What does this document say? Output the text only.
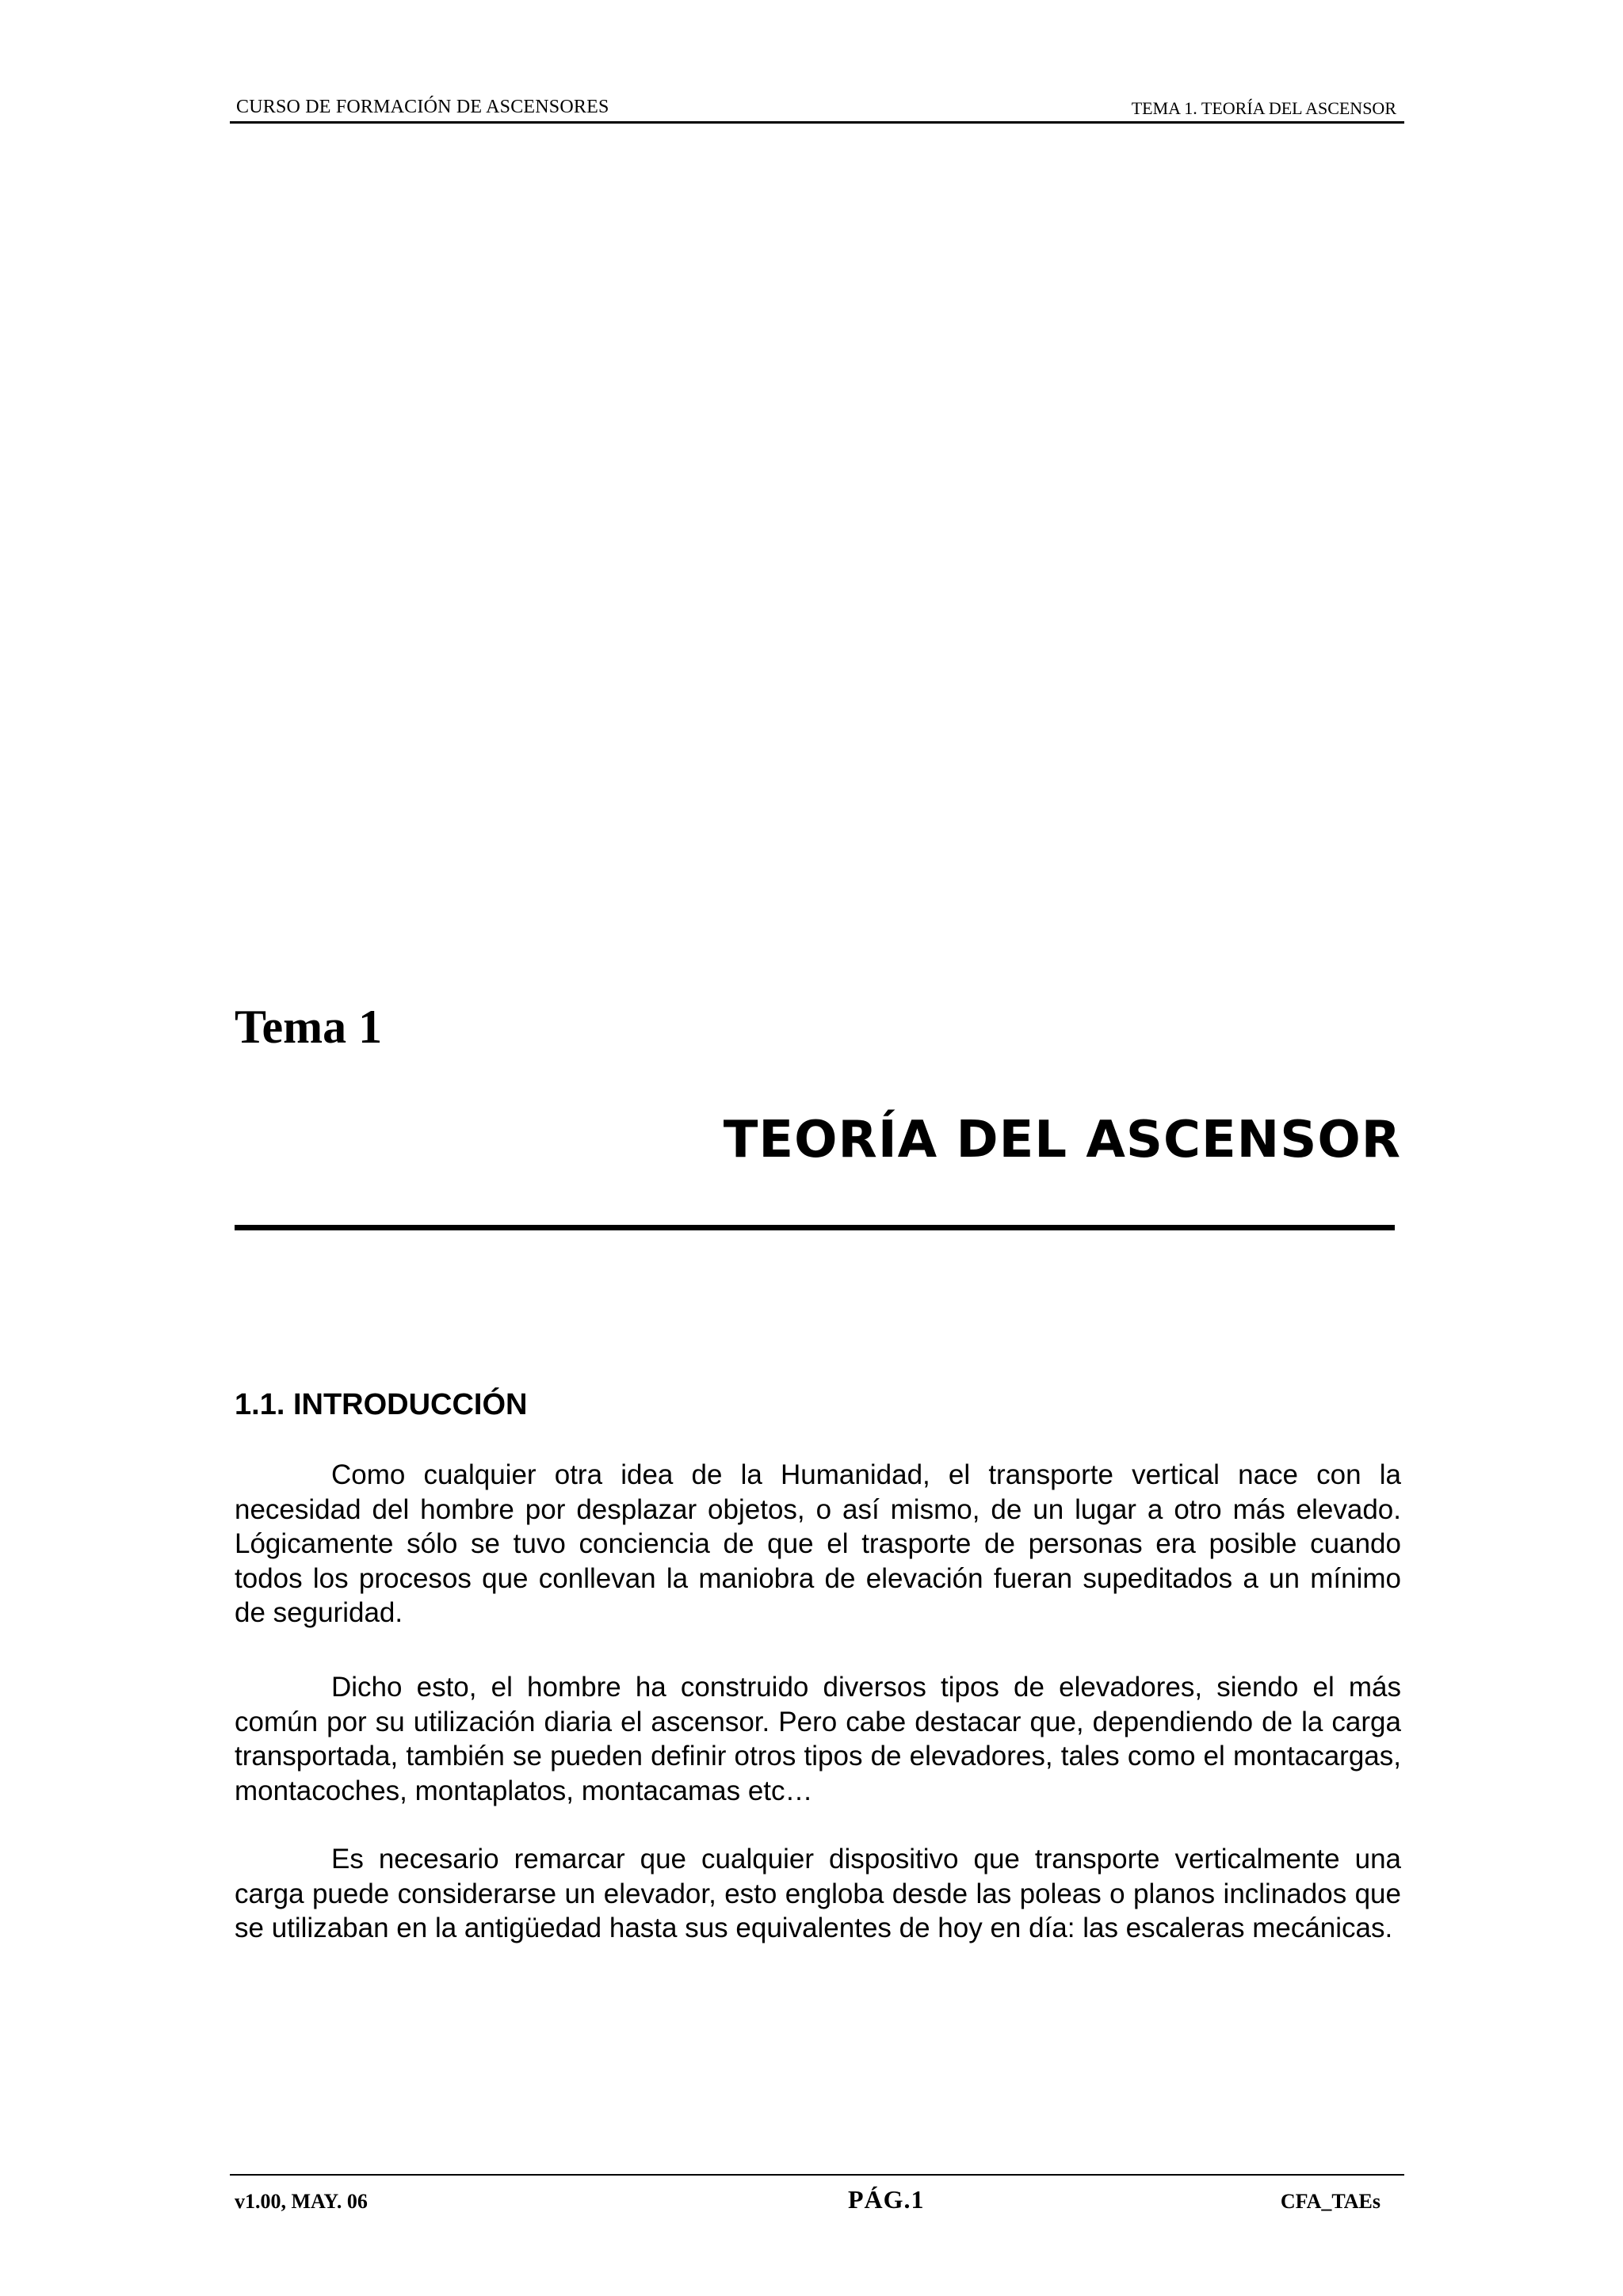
CURSO DE FORMACIÓN DE ASCENSORES	TEMA 1. TEORÍA DEL ASCENSOR
Tema 1
TEORÍA DEL ASCENSOR
1.1. INTRODUCCIÓN

Como cualquier otra idea de la Humanidad, el transporte vertical nace con la necesidad del hombre por desplazar objetos, o así mismo, de un lugar a otro más elevado. Lógicamente sólo se tuvo conciencia de que el trasporte de personas era posible cuando todos los procesos que conllevan la maniobra de elevación fueran supeditados a un mínimo de seguridad.

Dicho esto, el hombre ha construido diversos tipos de elevadores, siendo el más común por su utilización diaria el ascensor. Pero cabe destacar que, dependiendo de la carga transportada, también se pueden definir otros tipos de elevadores, tales como el montacargas, montacoches, montaplatos, montacamas etc…

Es necesario remarcar que cualquier dispositivo que transporte verticalmente una carga puede considerarse un elevador, esto engloba desde las poleas o planos inclinados que se utilizaban en la antigüedad hasta sus equivalentes de hoy en día: las escaleras mecánicas.

v1.00, MAY. 06	PÁG.1	CFA_TAEs
